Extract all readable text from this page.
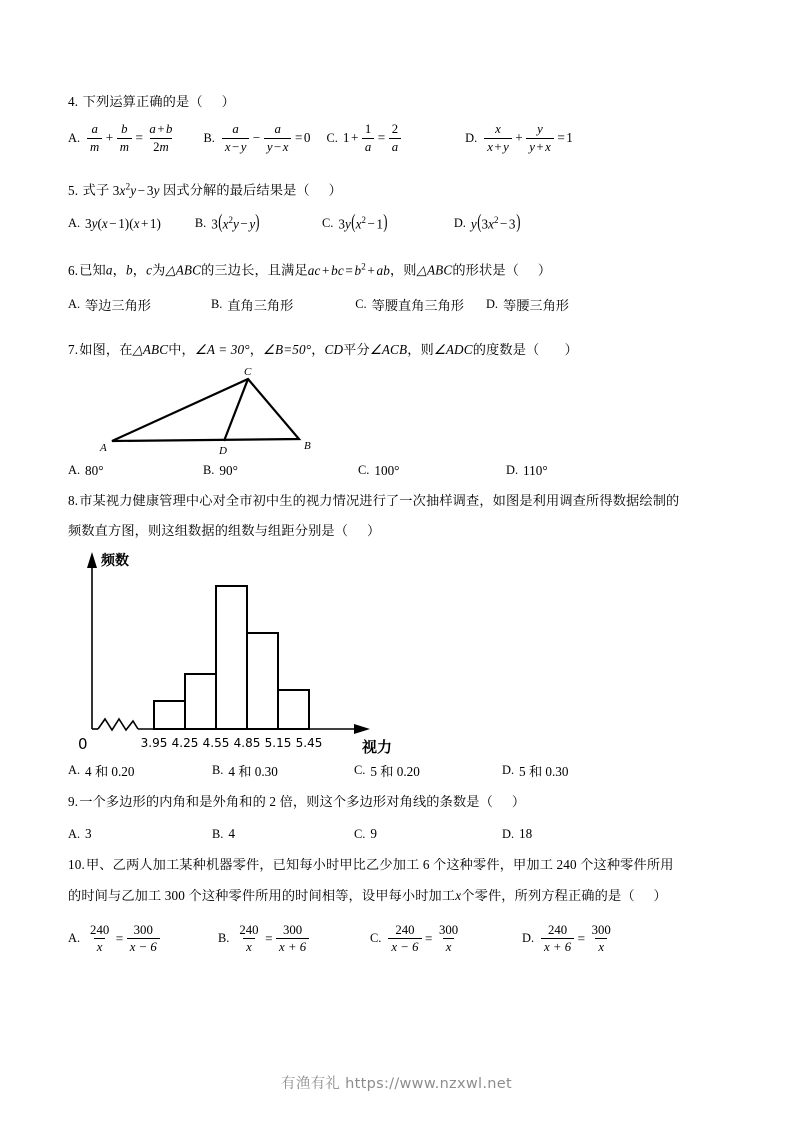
4. 下列运算正确的是（ ）
A. $\frac{a}{m} + \frac{b}{m} = \frac{a + b}{2m} B$. $\frac{a}{x - y} - \frac{a}{y - x} = 0$ C. $1 + \frac{1}{a} = \frac{2}{a}$	D. $\frac{x}{x + y} + \frac{y}{y + x} = 1$
5. 式子 $3x^2y - 3y$ 因式分解的最后结果是（ ）
A. 3y(x − 1)(x + 1)	B. $3(x^2y - y)$	C. $3y(x^2 - 1)$	D. $y(3x^2 - 3)$
6.已知a，b，c为△ABC的三边长，且满足ac + bc = $b^2$ + ab，则△ABC的形状是（ ）
A. 等边三角形	B. 直角三角形	C. 等腰直角三角形 D. 等腰三角形
7.如图，在△ABC中，∠A = 30°，∠B=50°，CD平分∠ACB，则∠ADC的度数是（ ）
A
C
B
D
A. 80°	B. 90°	C. 100°	D. 110°
8.市某视力健康管理中心对全市初中生的视力情况进行了一次抽样调查，如图是利用调查所得数据绘制的
频数直方图，则这组数据的组数与组距分别是（ ）
频数
0	3.95 4.25 4.55 4.85 5.15 5.45	视力
A. 4 和 0.20	B. 4 和 0.30	C. 5 和 0.20	D. 5 和 0.30
9.一个多边形的内角和是外角和的 2 倍，则这个多边形对角线的条数是（ ）
A. 3	B. 4	C. 9	D. 18
10.甲、乙两人加工某种机器零件，已知每小时甲比乙少加工 6 个这种零件，甲加工 240 个这种零件所用
的时间与乙加工 300 个这种零件所用的时间相等，设甲每小时加工x个零件，所列方程正确的是（ ）
A. $\frac{240}{x} = \frac{300}{x - 6}$	B. $\frac{240}{x} = \frac{300}{x + 6}$	C. $\frac{240}{x - 6} = \frac{300}{x}$	D. $\frac{240}{x + 6} = \frac{300}{x}$
有渔有礼 https://www.nzxwl.net
